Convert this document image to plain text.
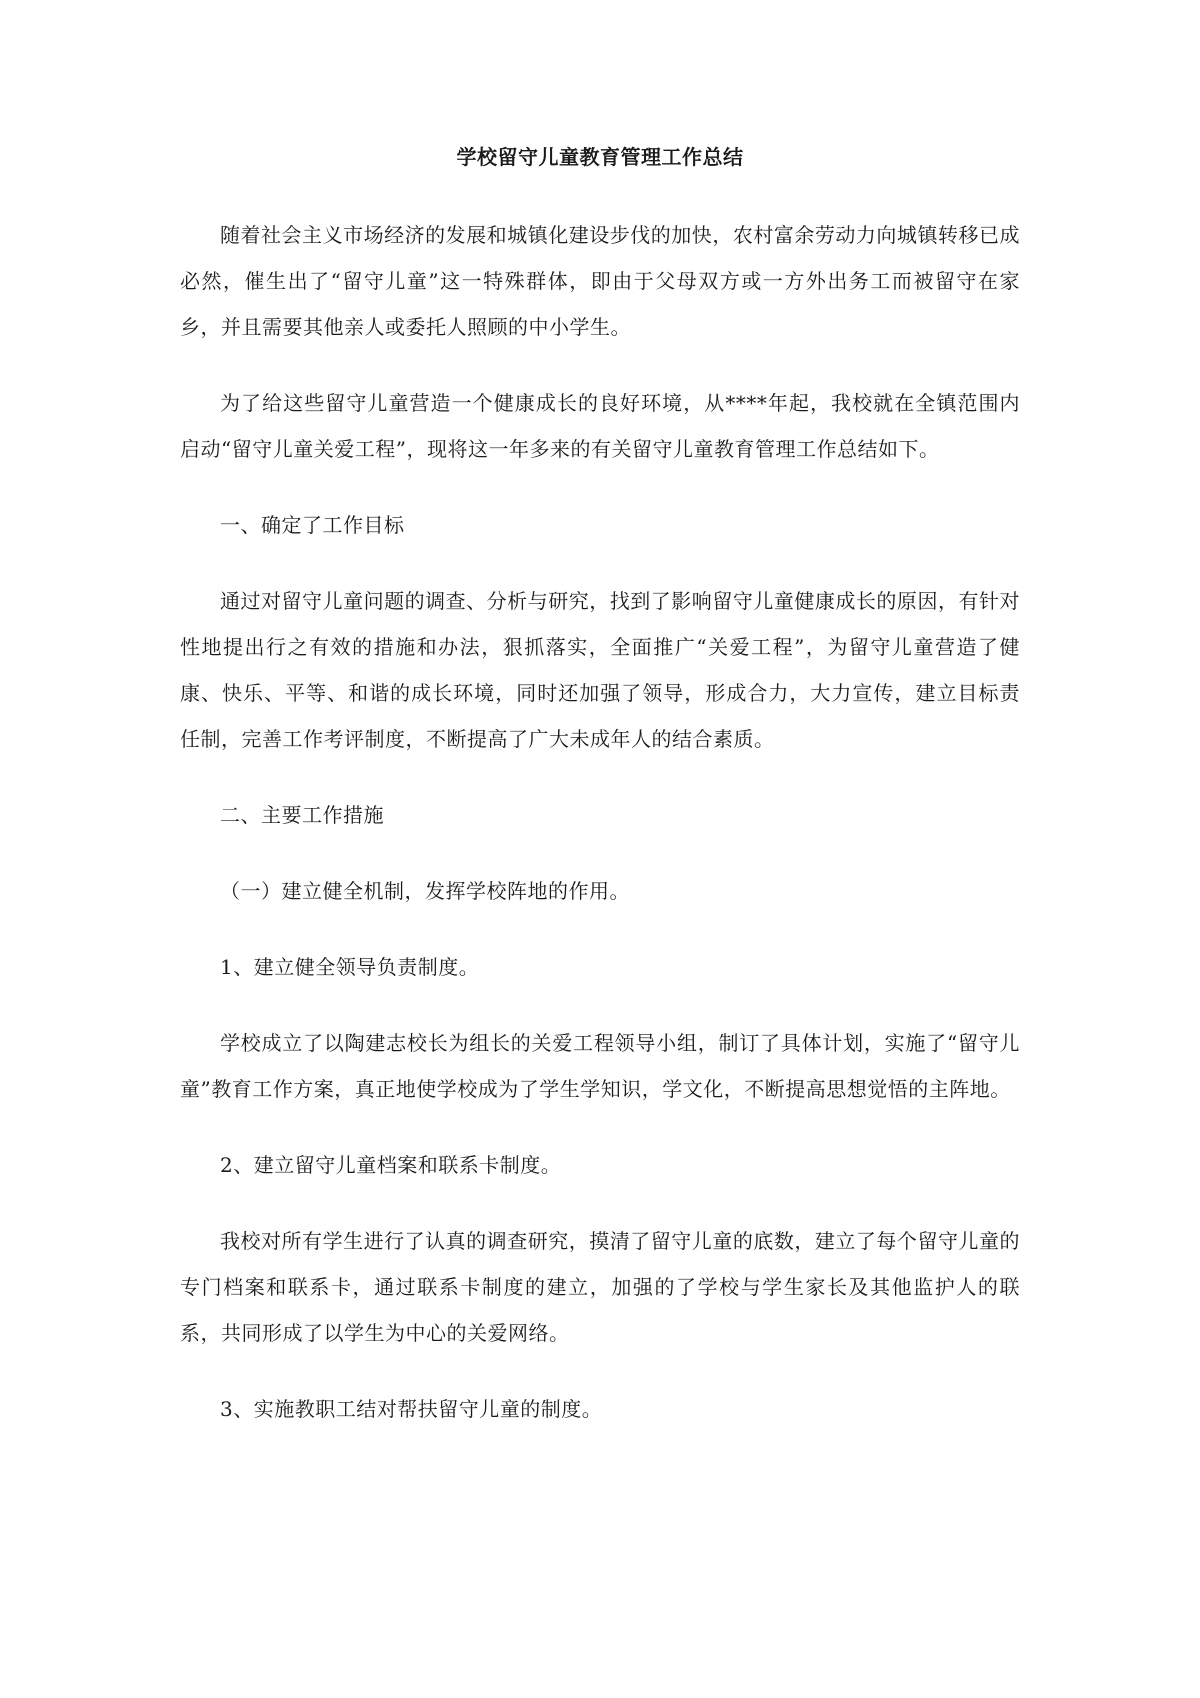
学校留守儿童教育管理工作总结

随着社会主义市场经济的发展和城镇化建设步伐的加快，农村富余劳动力向城镇转移已成必然，催生出了“留守儿童”这一特殊群体，即由于父母双方或一方外出务工而被留守在家乡，并且需要其他亲人或委托人照顾的中小学生。

为了给这些留守儿童营造一个健康成长的良好环境，从****年起，我校就在全镇范围内启动“留守儿童关爱工程”，现将这一年多来的有关留守儿童教育管理工作总结如下。

一、确定了工作目标

通过对留守儿童问题的调查、分析与研究，找到了影响留守儿童健康成长的原因，有针对性地提出行之有效的措施和办法，狠抓落实，全面推广“关爱工程”，为留守儿童营造了健康、快乐、平等、和谐的成长环境，同时还加强了领导，形成合力，大力宣传，建立目标责任制，完善工作考评制度，不断提高了广大未成年人的结合素质。

二、主要工作措施

（一）建立健全机制，发挥学校阵地的作用。

1、建立健全领导负责制度。

学校成立了以陶建志校长为组长的关爱工程领导小组，制订了具体计划，实施了“留守儿童”教育工作方案，真正地使学校成为了学生学知识，学文化，不断提高思想觉悟的主阵地。

2、建立留守儿童档案和联系卡制度。

我校对所有学生进行了认真的调查研究，摸清了留守儿童的底数，建立了每个留守儿童的专门档案和联系卡，通过联系卡制度的建立，加强的了学校与学生家长及其他监护人的联系，共同形成了以学生为中心的关爱网络。

3、实施教职工结对帮扶留守儿童的制度。
